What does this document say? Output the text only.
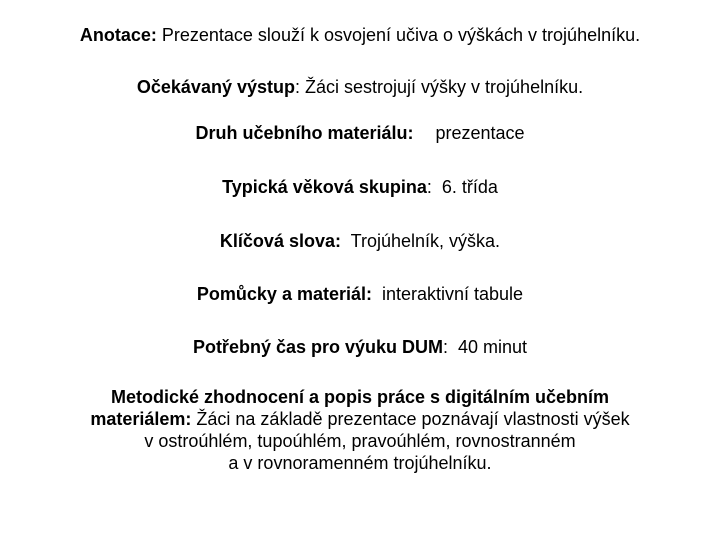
Anotace: Prezentace slouží k osvojení učiva o výškách v trojúhelníku.
Očekávaný výstup: Žáci sestrojují výšky v trojúhelníku.
Druh učebního materiálu: prezentace
Typická věková skupina:  6. třída
Klíčová slova:  Trojúhelník, výška.
Pomůcky a materiál:  interaktivní tabule
Potřebný čas pro výuku DUM:  40 minut
Metodické zhodnocení a popis práce s digitálním učebním
materiálem: Žáci na základě prezentace poznávají vlastnosti výšek
v ostroúhlém, tupoúhlém, pravoúhlém, rovnostranném
a v rovnoramenném trojúhelníku.
